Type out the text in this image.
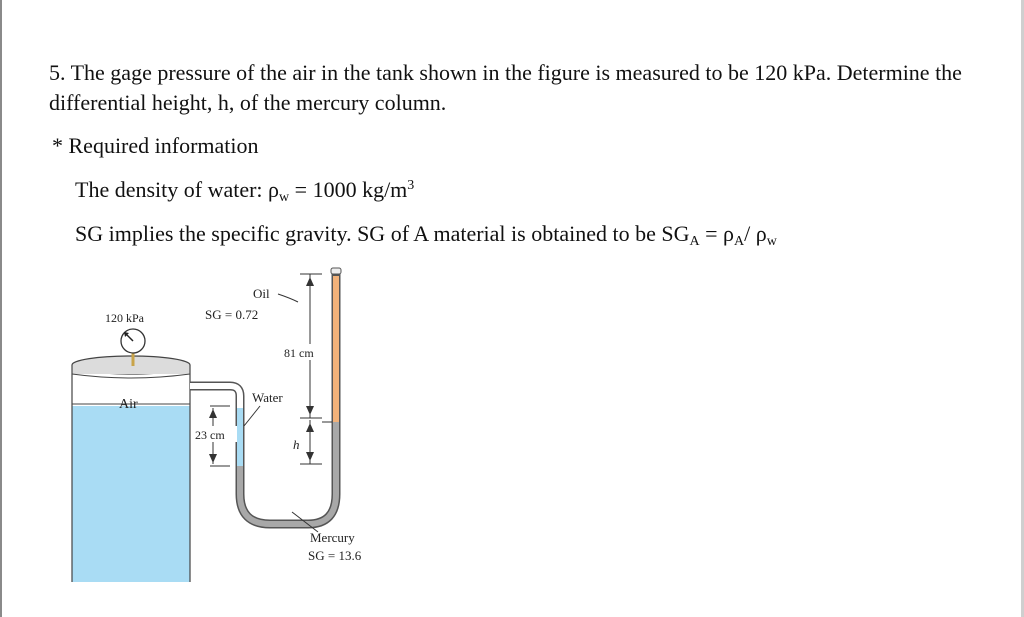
5. The gage pressure of the air in the tank shown in the figure is measured to be 120 kPa. Determine the differential height, h, of the mercury column.
* Required information
The density of water: $\rho_w = 1000$ $kg/m^3$
SG implies the specific gravity. SG of A material is obtained to be $SG_A = \rho_A/$ $\rho_w$
120 kPa
Air
Oil
SG = 0.72
Water
81 cm
h
23 cm
Mercury
SG = 13.6
